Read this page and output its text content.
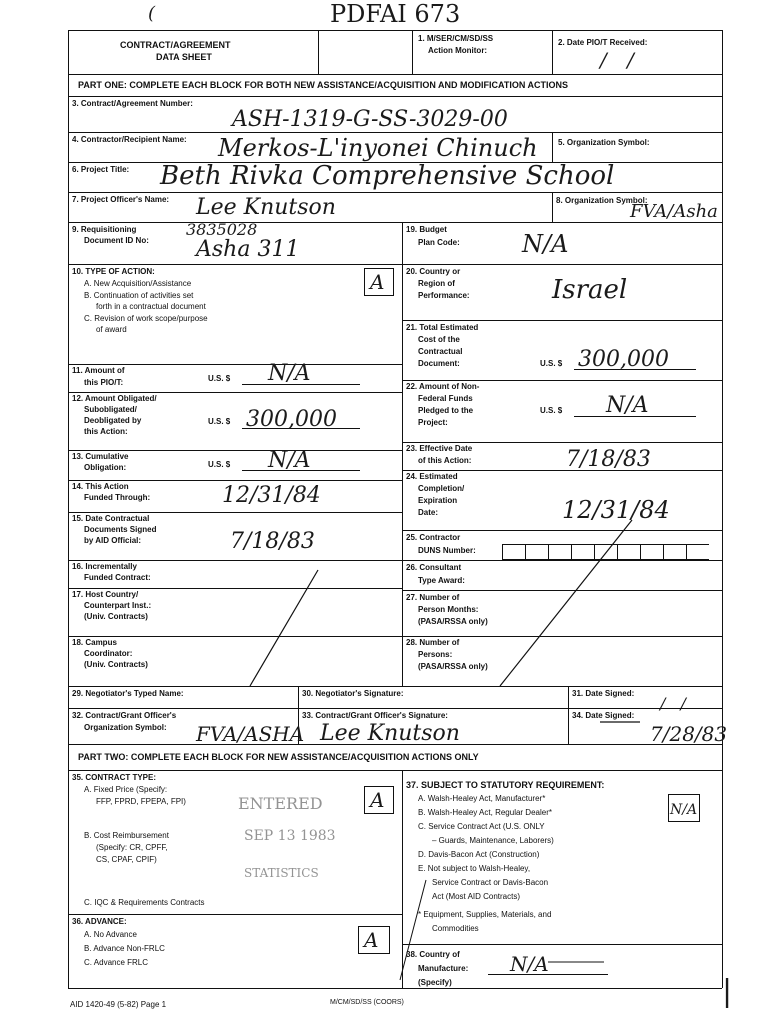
(	PDFAI 673
CONTRACT/AGREEMENT
DATA SHEET
1. M/SER/CM/SD/SS
Action Monitor:
2. Date PIO/T Received:
/ /
PART ONE: COMPLETE EACH BLOCK FOR BOTH NEW ASSISTANCE/ACQUISITION AND MODIFICATION ACTIONS
3. Contract/Agreement Number:
ASH-1319-G-SS-3029-00
4. Contractor/Recipient Name: Merkos-L'inyonei Chinuch	5. Organization Symbol:
6. Project Title: Beth Rivka Comprehensive School
7. Project Officer's Name: Lee Knutson	8. Organization Symbol:
FVA/Asha
9. Requisitioning
Document ID No:
3835028
Asha 311
10. TYPE OF ACTION:
A. New Acquisition/Assistance
B. Continuation of activities set
forth in a contractual document
C. Revision of work scope/purpose
of award
A
11. Amount of
this PIO/T:	U.S. $ N/A
12. Amount Obligated/
Subobligated/
Deobligated by
this Action:
U.S. $ 300,000
13. Cumulative
Obligation:	U.S. $ N/A
14. This Action
Funded Through:	12/31/84
15. Date Contractual
Documents Signed
by AID Official:	7/18/83
16. Incrementally
Funded Contract:
17. Host Country/
Counterpart Inst.:
(Univ. Contracts)
18. Campus
Coordinator:
(Univ. Contracts)
19. Budget
Plan Code:	N/A
20. Country or
Region of
Performance:	Israel
21. Total Estimated
Cost of the
Contractual
Document:	U.S. $ 300,000
22. Amount of Non-
Federal Funds
Pledged to the
Project:
U.S. $ N/A
23. Effective Date
of this Action:	7/18/83
24. Estimated
Completion/
Expiration
Date:	12/31/84
25. Contractor
DUNS Number:
26. Consultant
Type Award:
27. Number of
Person Months:
(PASA/RSSA only)
28. Number of
Persons:
(PASA/RSSA only)
29. Negotiator's Typed Name:	30. Negotiator's Signature:	31. Date Signed:
/ /
32. Contract/Grant Officer's
Organization Symbol: FVA/ASHA
33. Contract/Grant Officer's Signature:
Lee Knutson
34. Date Signed:
7/28/83
PART TWO: COMPLETE EACH BLOCK FOR NEW ASSISTANCE/ACQUISITION ACTIONS ONLY
35. CONTRACT TYPE:
A. Fixed Price (Specify:
FFP, FPRD, FPEPA, FPI)
B. Cost Reimbursement
(Specify: CR, CPFF,
CS, CPAF, CPIF)
C. IQC & Requirements Contracts
A
ENTERED
SEP 13 1983
STATISTICS
36. ADVANCE:
A. No Advance
B. Advance Non-FRLC
C. Advance FRLC
A
37. SUBJECT TO STATUTORY REQUIREMENT:
A. Walsh-Healey Act, Manufacturer*
B. Walsh-Healey Act, Regular Dealer*
C. Service Contract Act (U.S. ONLY
– Guards, Maintenance, Laborers)
D. Davis-Bacon Act (Construction)
E. Not subject to Walsh-Healey,
Service Contract or Davis-Bacon
Act (Most AID Contracts)
* Equipment, Supplies, Materials, and
Commodities
N/A
38. Country of
Manufacture:
(Specify)
N/A
AID 1420-49 (5-82) Page 1	M/CM/SD/SS (COORS)	|
